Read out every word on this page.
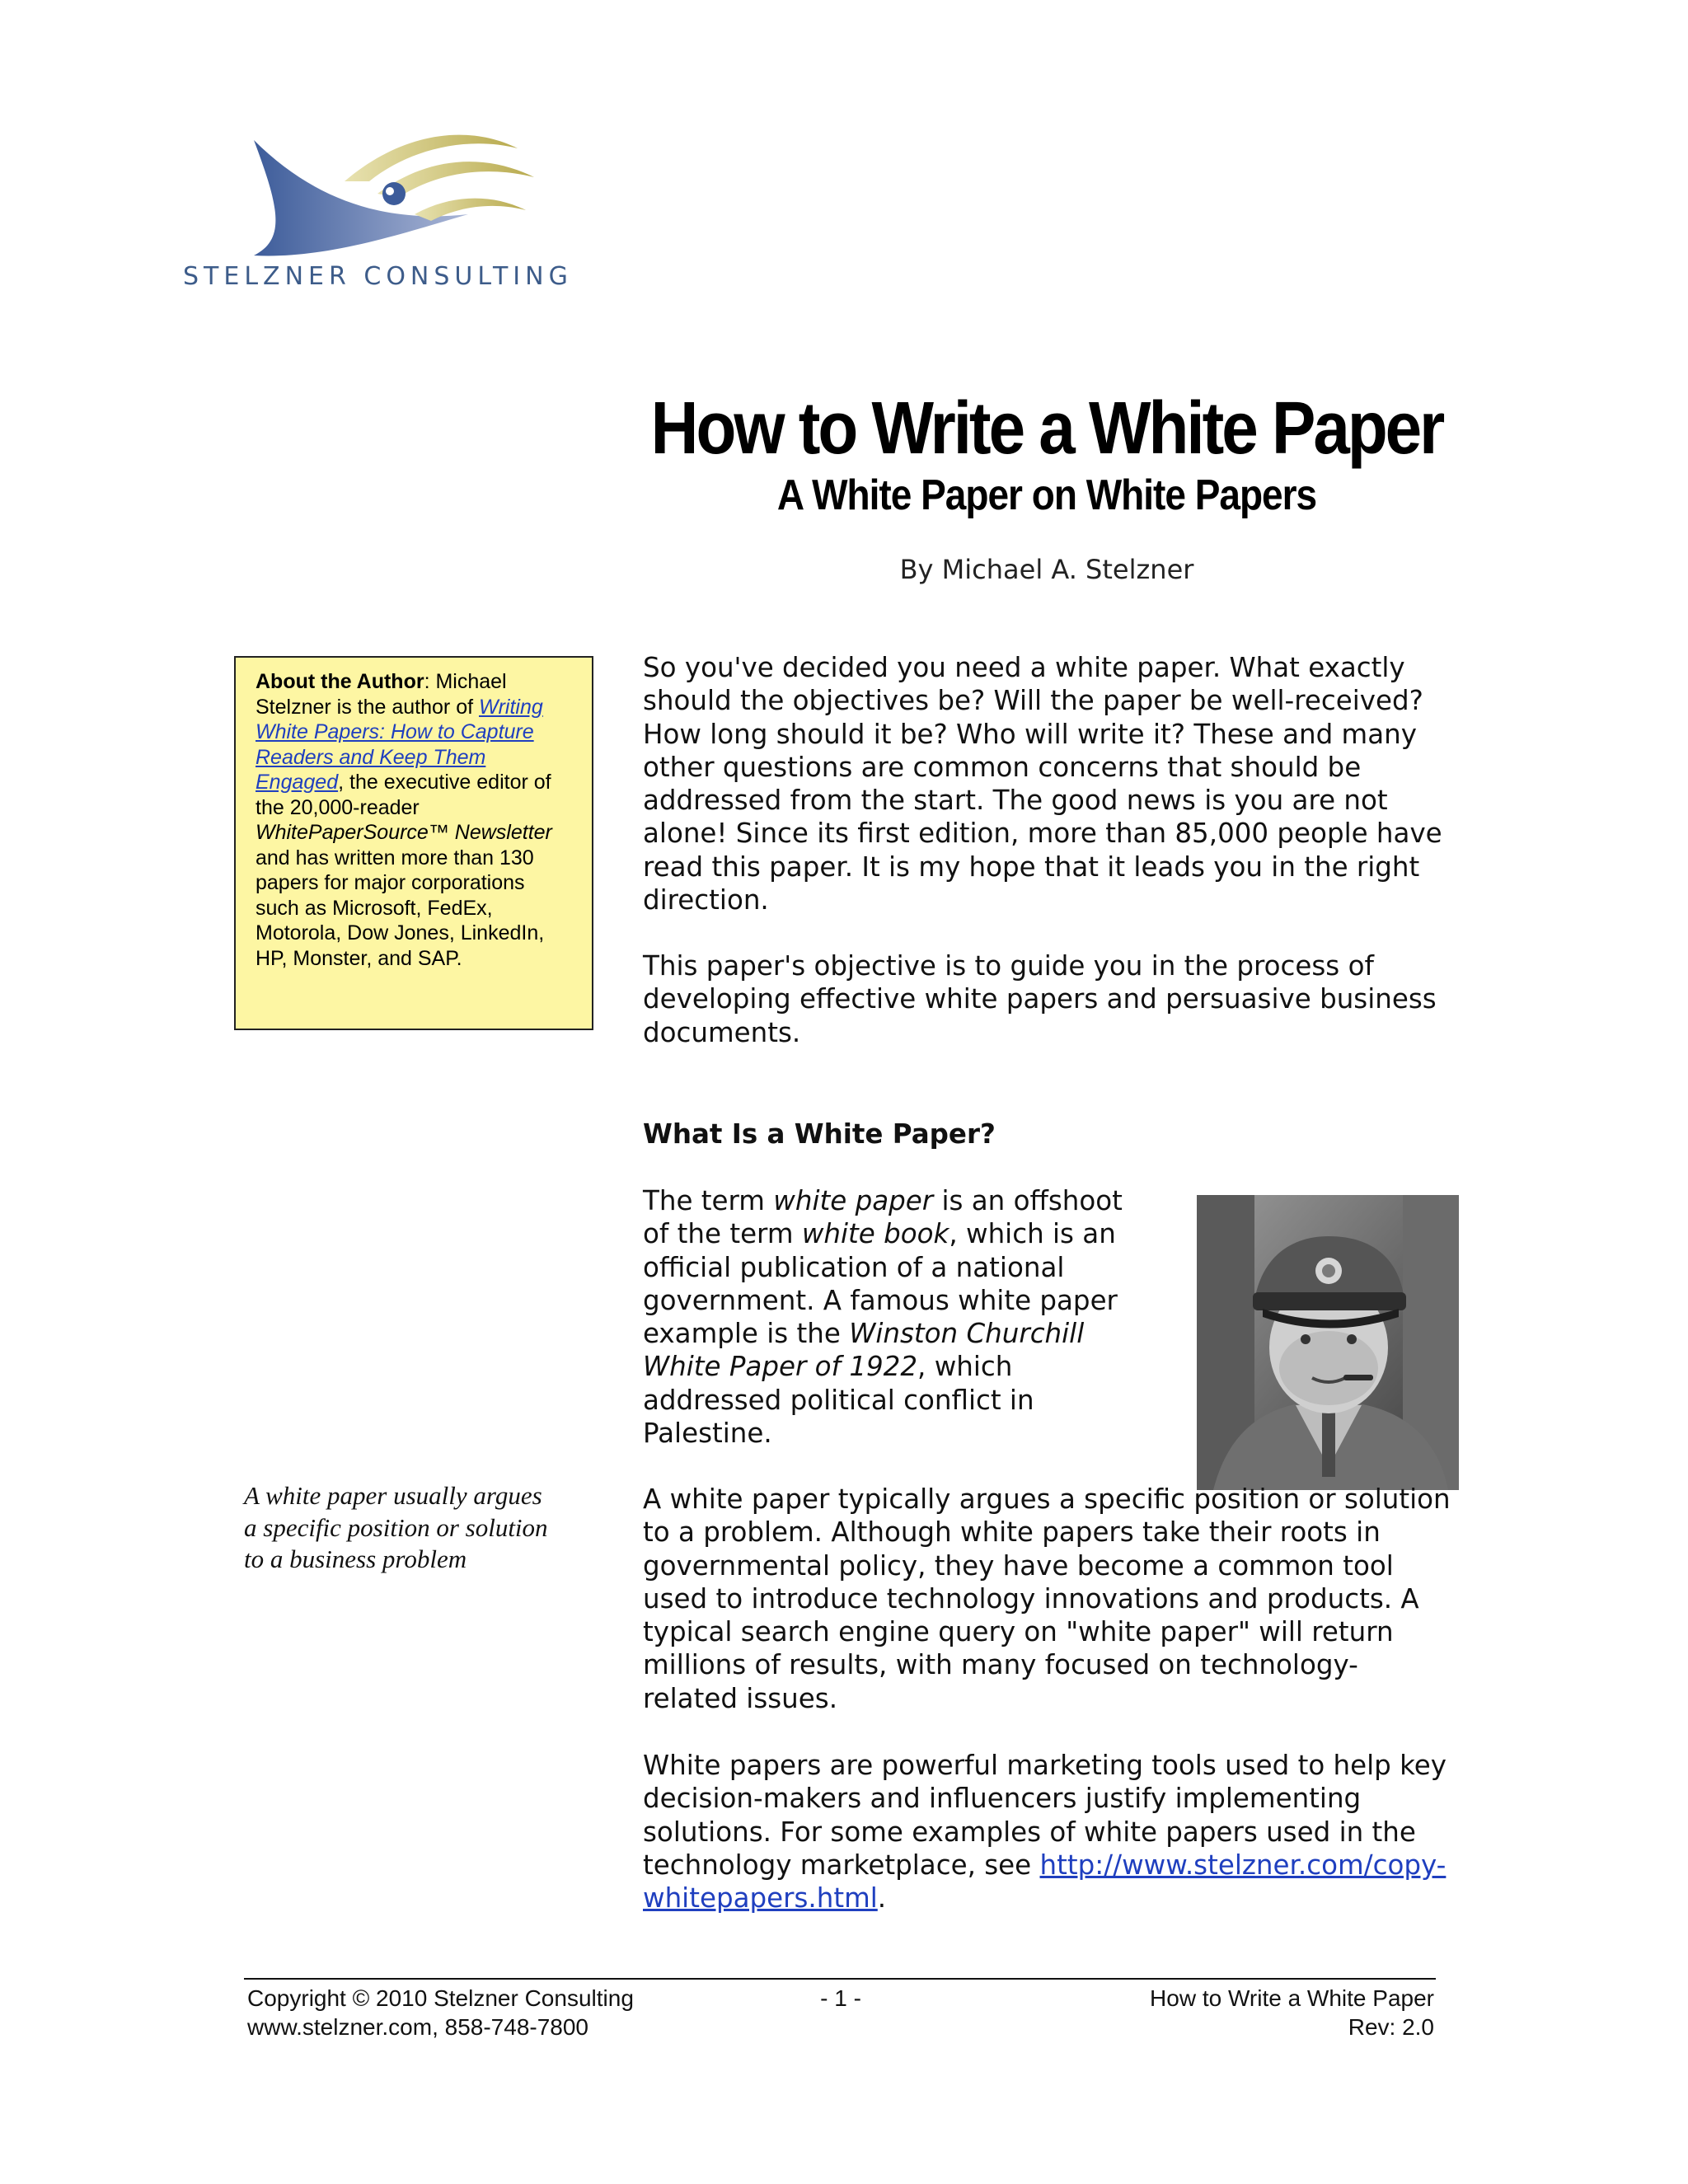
STELZNER CONSULTING
How to Write a White Paper
A White Paper on White Papers
By Michael A. Stelzner
About the Author: Michael Stelzner is the author of Writing White Papers: How to Capture Readers and Keep Them Engaged, the executive editor of the 20,000-reader WhitePaperSource™ Newsletter and has written more than 130 papers for major corporations such as Microsoft, FedEx, Motorola, Dow Jones, LinkedIn, HP, Monster, and SAP.
A white paper usually argues a specific position or solution to a business problem
So you've decided you need a white paper. What exactly should the objectives be? Will the paper be well-received? How long should it be? Who will write it? These and many other questions are common concerns that should be addressed from the start. The good news is you are not alone! Since its first edition, more than 85,000 people have read this paper. It is my hope that it leads you in the right direction.
This paper's objective is to guide you in the process of developing effective white papers and persuasive business documents.
What Is a White Paper?
The term white paper is an offshoot of the term white book, which is an official publication of a national government. A famous white paper example is the Winston Churchill White Paper of 1922, which addressed political conflict in Palestine.
A white paper typically argues a specific position or solution to a problem. Although white papers take their roots in governmental policy, they have become a common tool used to introduce technology innovations and products. A typical search engine query on "white paper" will return millions of results, with many focused on technology-related issues.
White papers are powerful marketing tools used to help key decision-makers and influencers justify implementing solutions. For some examples of white papers used in the technology marketplace, see http://www.stelzner.com/copy-whitepapers.html.
Copyright © 2010 Stelzner Consulting
www.stelzner.com, 858-748-7800
- 1 -	How to Write a White Paper
Rev: 2.0
